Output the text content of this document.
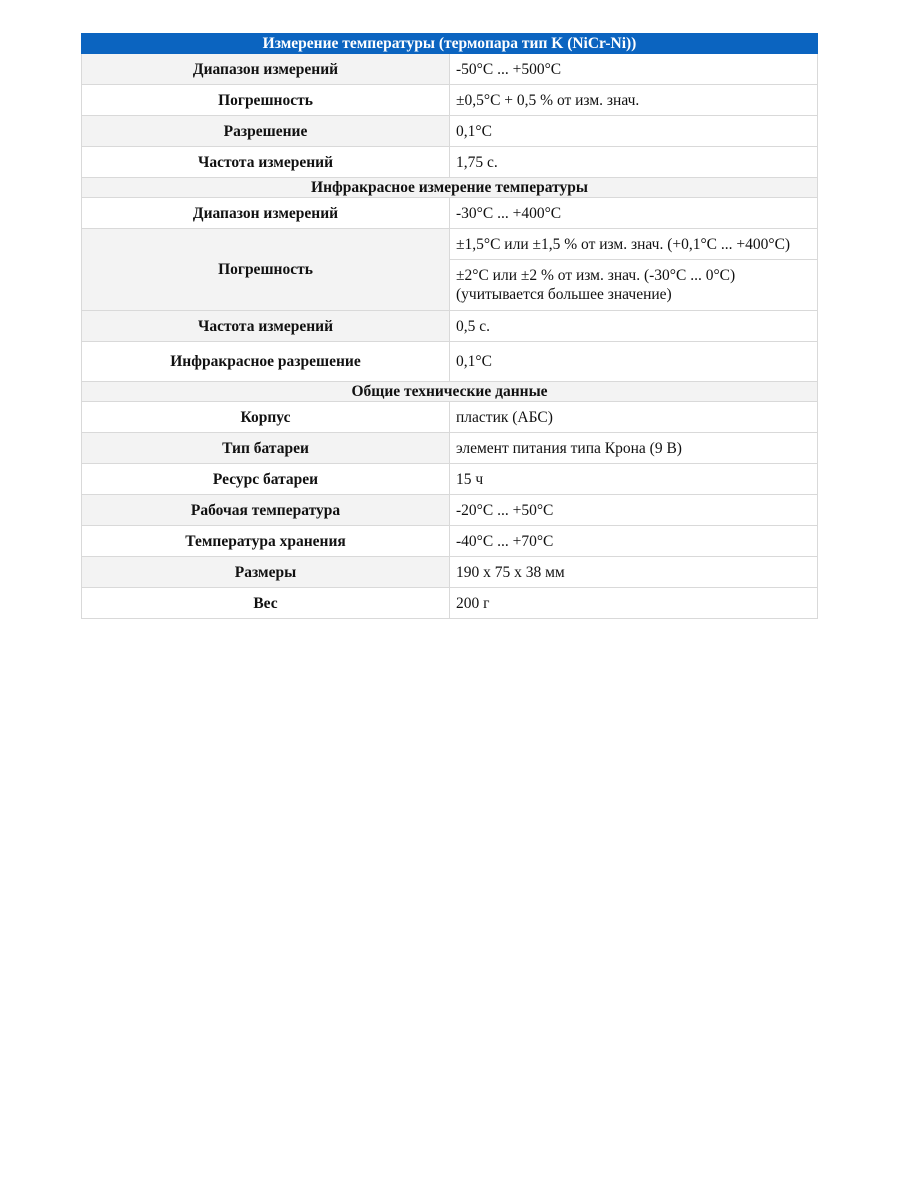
Измерение температуры (термопара тип K (NiCr-Ni))	
Диапазон измерений	-50°C ... +500°C
Погрешность	±0,5°C + 0,5 % от изм. знач.
Разрешение	0,1°C
Частота измерений	1,75 с.
Инфракрасное измерение температуры	
Диапазон измерений	-30°C ... +400°C
Погрешность	±1,5°C или ±1,5 % от изм. знач. (+0,1°C ... +400°C)
	±2°C или ±2 % от изм. знач. (-30°C ... 0°C) (учитывается большее значение)
Частота измерений	0,5 с.
Инфракрасное разрешение	0,1°C
Общие технические данные	
Корпус	пластик (АБС)
Тип батареи	элемент питания типа Крона (9 В)
Ресурс батареи	15 ч
Рабочая температура	-20°C ... +50°C
Температура хранения	-40°C ... +70°C
Размеры	190 x 75 x 38 мм
Вес	200 г
